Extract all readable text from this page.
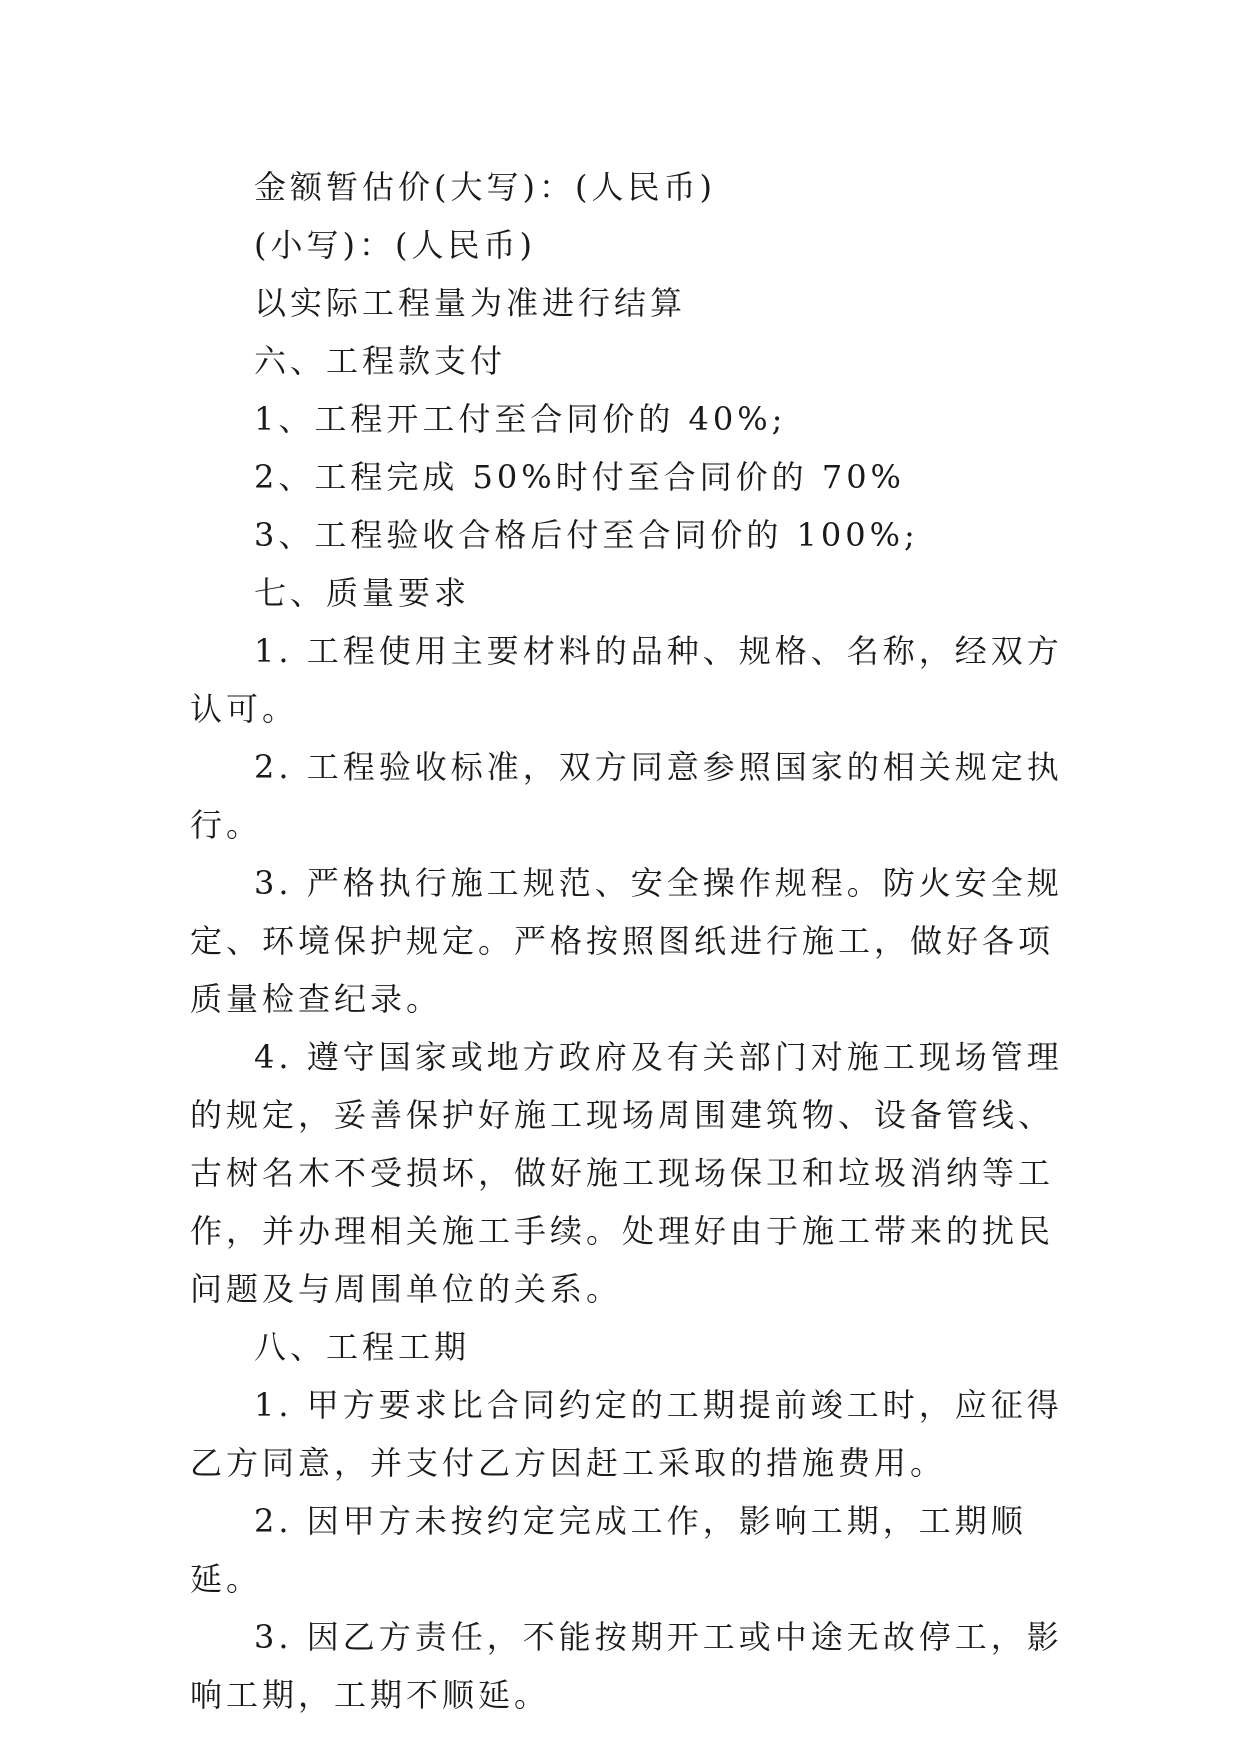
金额暂估价(大写)：(人民币)

(小写)：(人民币)

以实际工程量为准进行结算

六、工程款支付

1、工程开工付至合同价的 40%;

2、工程完成 50%时付至合同价的 70%

3、工程验收合格后付至合同价的 100%;

七、质量要求

1. 工程使用主要材料的品种、规格、名称，经双方认可。

2. 工程验收标准，双方同意参照国家的相关规定执行。

3. 严格执行施工规范、安全操作规程。防火安全规定、环境保护规定。严格按照图纸进行施工，做好各项质量检查纪录。

4. 遵守国家或地方政府及有关部门对施工现场管理的规定，妥善保护好施工现场周围建筑物、设备管线、古树名木不受损坏，做好施工现场保卫和垃圾消纳等工作，并办理相关施工手续。处理好由于施工带来的扰民问题及与周围单位的关系。

八、工程工期

1. 甲方要求比合同约定的工期提前竣工时，应征得乙方同意，并支付乙方因赶工采取的措施费用。

2. 因甲方未按约定完成工作，影响工期，工期顺延。

3. 因乙方责任，不能按期开工或中途无故停工，影响工期，工期不顺延。
